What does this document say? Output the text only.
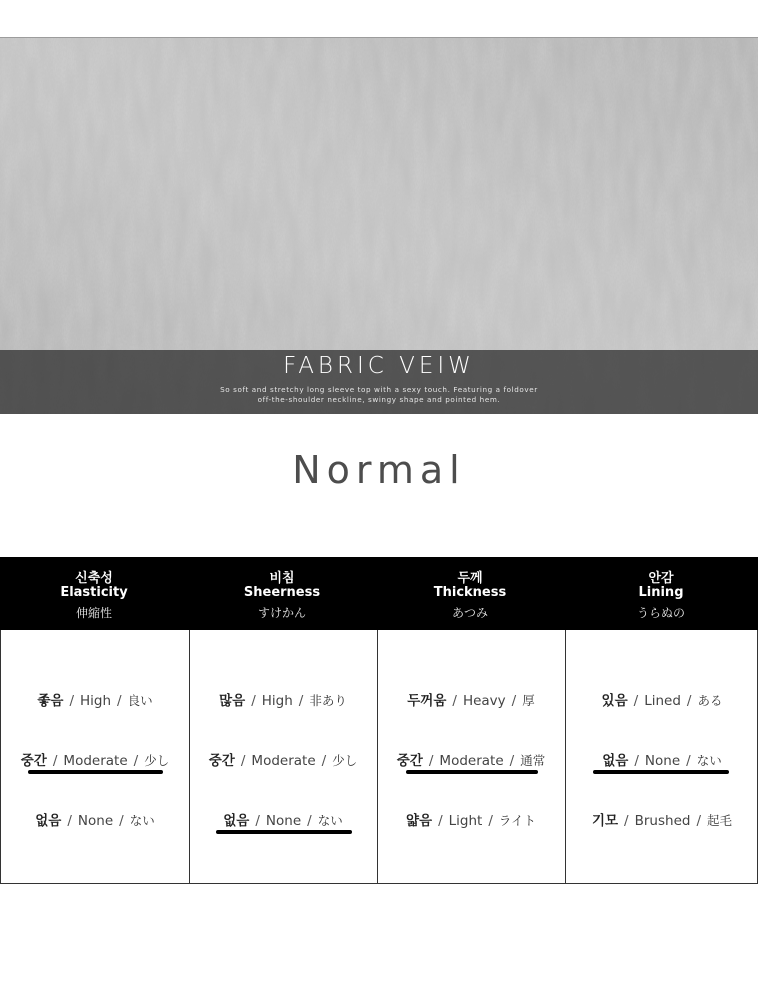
FABRIC VEIW
So soft and stretchy long sleeve top with a sexy touch. Featuring a foldover
off-the-shoulder neckline, swingy shape and pointed hem.
Normal
신축성
Elasticity
伸縮性
비침
Sheerness
すけかん
두께
Thickness
あつみ
안감
Lining
うらぬの
좋음 / High / 良い
중간 / Moderate / 少し
없음 / None / ない
많음 / High / 非あり
중간 / Moderate / 少し
없음 / None / ない
두꺼움 / Heavy / 厚
중간 / Moderate / 通常
얇음 / Light / ライト
있음 / Lined / ある
없음 / None / ない
기모 / Brushed / 起毛
